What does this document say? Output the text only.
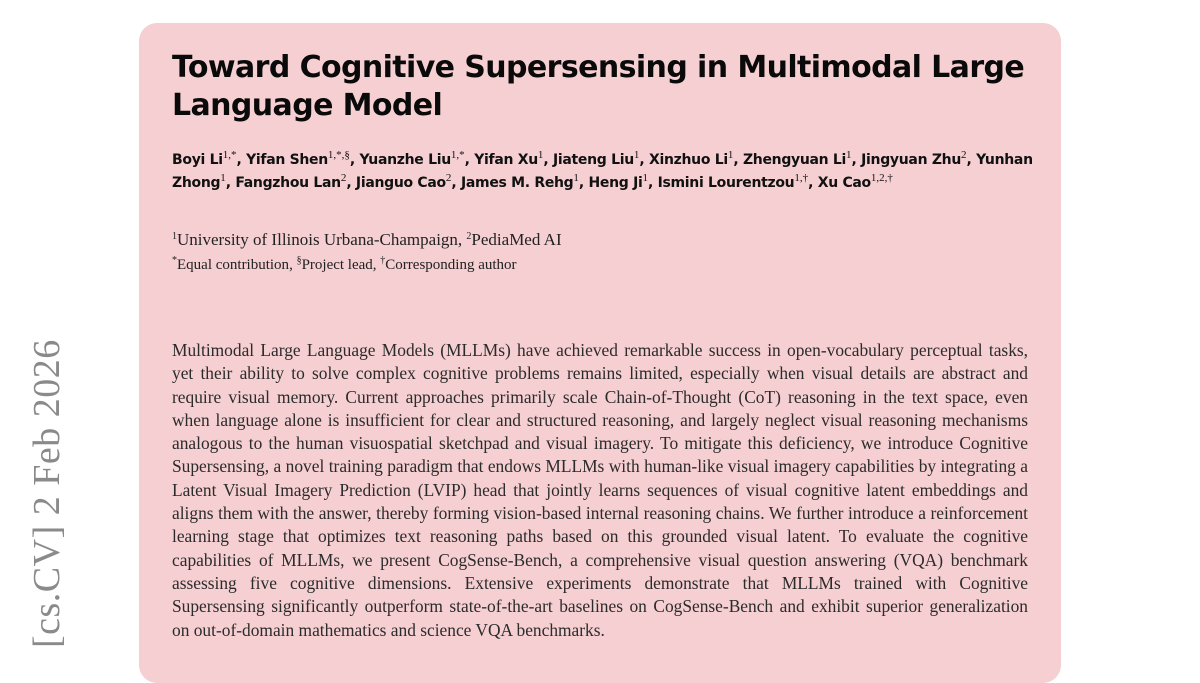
[cs.CV] 2 Feb 2026
Toward Cognitive Supersensing in Multimodal Large Language Model

Boyi $Li^{1,*}$, Yifan Shen$^{1,*,\S}$, Yuanzhe Liu$^{1,*}$, Yifan Xu$^1$, Jiateng Liu$^1$, Xinzhuo Li$^1$, Zhengyuan Li$^1$, Jingyuan Zhu$^2$, Yunhan Zhong$^1$, Fangzhou Lan$^2$, Jianguo Cao$^2$, James M. Rehg$^1$, Heng Ji$^1$, Ismini Lourentzou$^{1,\dagger}$, Xu Cao$^{1,2,\dagger}$

$^1$University of Illinois Urbana-Champaign, $^2$PediaMed AI

*Equal contribution, §Project lead, †Corresponding author

Multimodal Large Language Models (MLLMs) have achieved remarkable success in open-vocabulary perceptual tasks, yet their ability to solve complex cognitive problems remains limited, especially when visual details are abstract and require visual memory. Current approaches primarily scale Chain-of-Thought (CoT) reasoning in the text space, even when language alone is insufficient for clear and structured reasoning, and largely neglect visual reasoning mechanisms analogous to the human visuospatial sketchpad and visual imagery. To mitigate this deficiency, we introduce Cognitive Supersensing, a novel training paradigm that endows MLLMs with human-like visual imagery capabilities by integrating a Latent Visual Imagery Prediction (LVIP) head that jointly learns sequences of visual cognitive latent embeddings and aligns them with the answer, thereby forming vision-based internal reasoning chains. We further introduce a reinforcement learning stage that optimizes text reasoning paths based on this grounded visual latent. To evaluate the cognitive capabilities of MLLMs, we present CogSense-Bench, a comprehensive visual question answering (VQA) benchmark assessing five cognitive dimensions. Extensive experiments demonstrate that MLLMs trained with Cognitive Supersensing significantly outperform state-of-the-art baselines on CogSense-Bench and exhibit superior generalization on out-of-domain mathematics and science VQA benchmarks.
